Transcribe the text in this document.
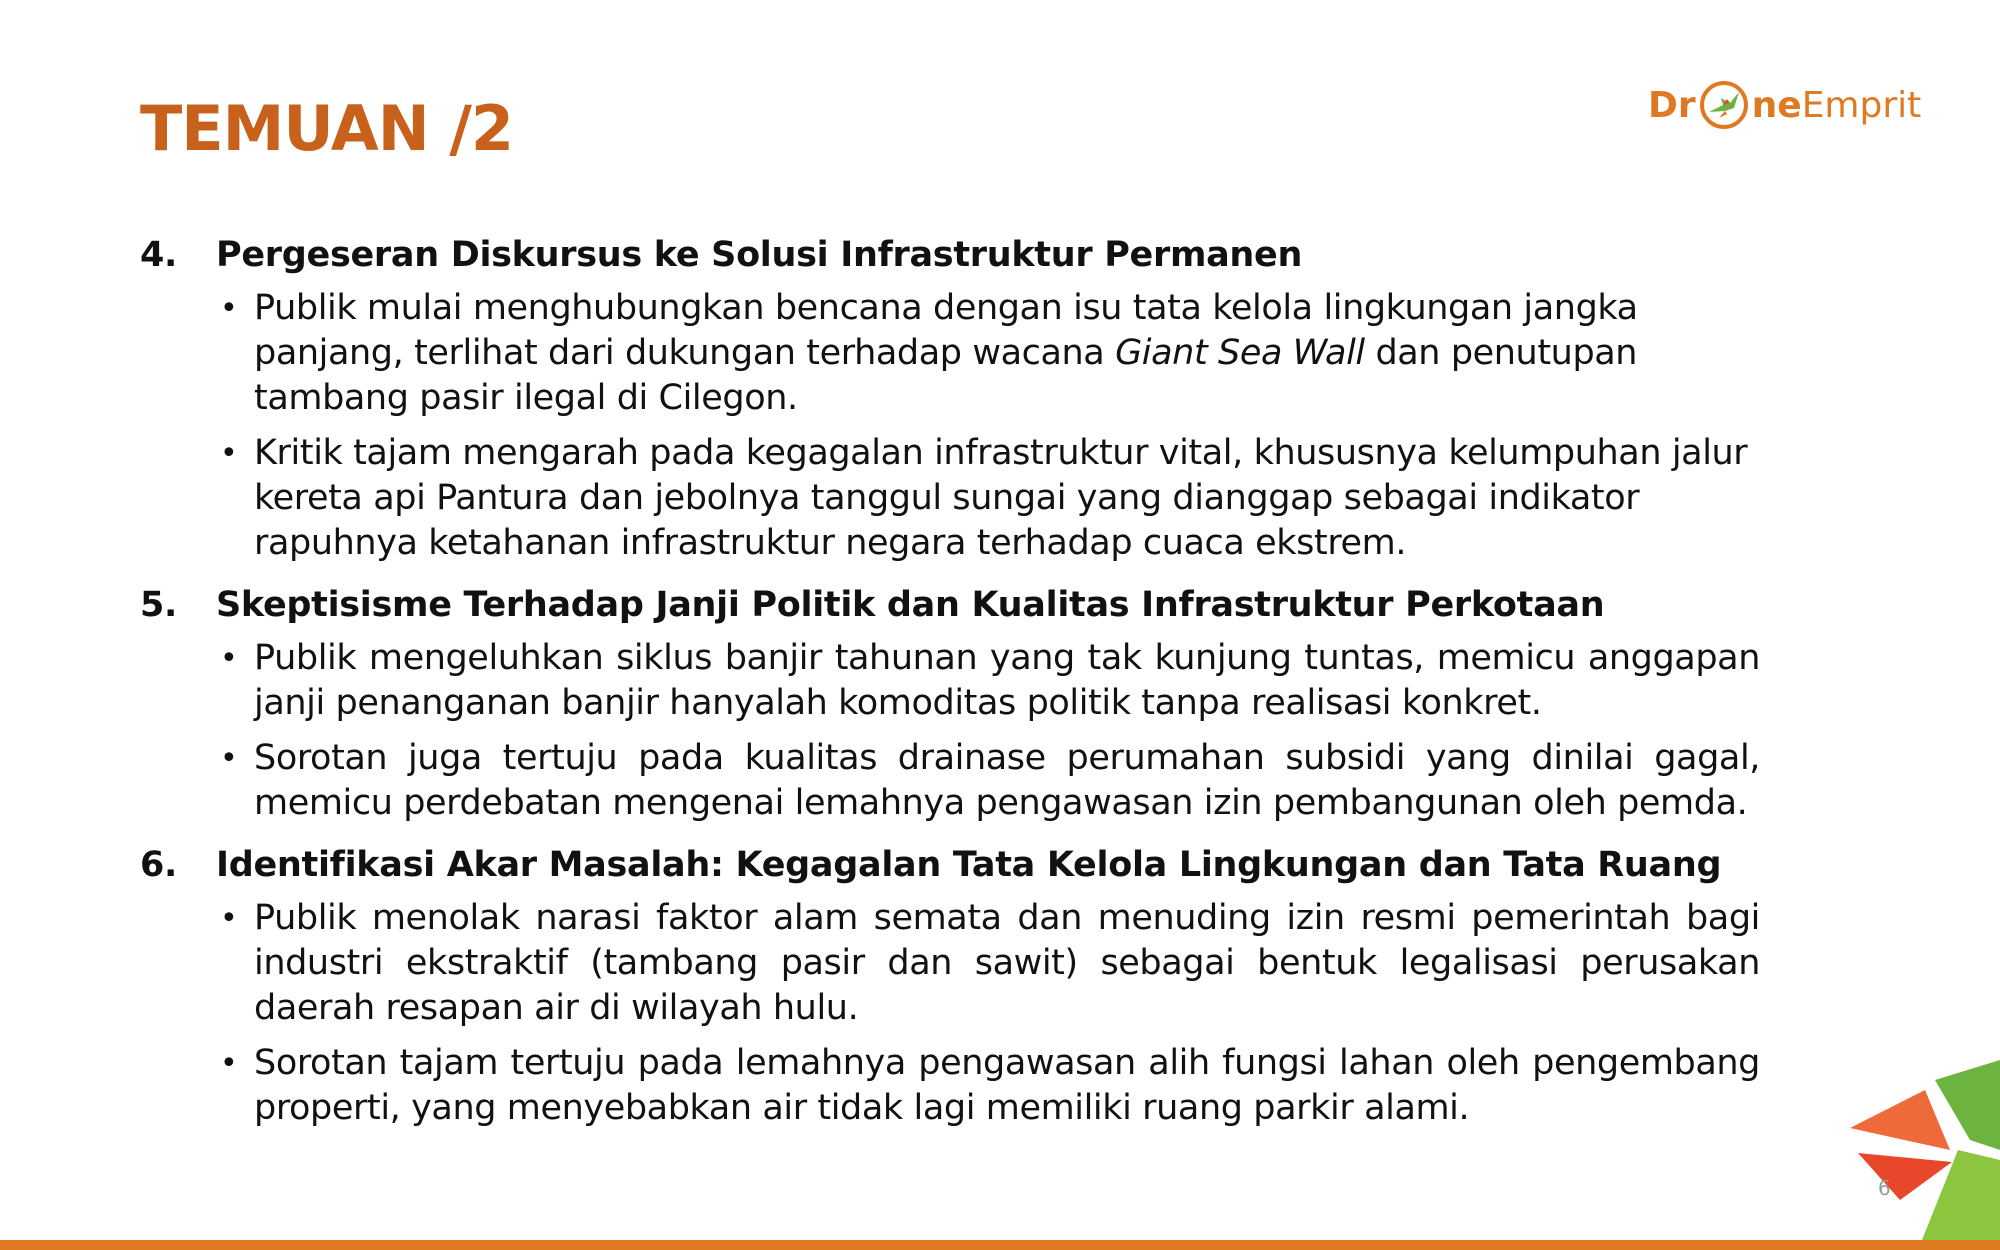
TEMUAN /2	Dr ne Emprit
4.	Pergeseran Diskursus ke Solusi Infrastruktur Permanen
• Publik mulai menghubungkan bencana dengan isu tata kelola lingkungan jangka panjang, terlihat dari dukungan terhadap wacana Giant Sea Wall dan penutupan tambang pasir ilegal di Cilegon.
• Kritik tajam mengarah pada kegagalan infrastruktur vital, khususnya kelumpuhan jalur kereta api Pantura dan jebolnya tanggul sungai yang dianggap sebagai indikator rapuhnya ketahanan infrastruktur negara terhadap cuaca ekstrem.
5.	Skeptisisme Terhadap Janji Politik dan Kualitas Infrastruktur Perkotaan
• Publik mengeluhkan siklus banjir tahunan yang tak kunjung tuntas, memicu anggapan janji penanganan banjir hanyalah komoditas politik tanpa realisasi konkret.
• Sorotan juga tertuju pada kualitas drainase perumahan subsidi yang dinilai gagal, memicu perdebatan mengenai lemahnya pengawasan izin pembangunan oleh pemda.
6.	Identifikasi Akar Masalah: Kegagalan Tata Kelola Lingkungan dan Tata Ruang
• Publik menolak narasi faktor alam semata dan menuding izin resmi pemerintah bagi industri ekstraktif (tambang pasir dan sawit) sebagai bentuk legalisasi perusakan daerah resapan air di wilayah hulu.
• Sorotan tajam tertuju pada lemahnya pengawasan alih fungsi lahan oleh pengembang properti, yang menyebabkan air tidak lagi memiliki ruang parkir alami.
6
